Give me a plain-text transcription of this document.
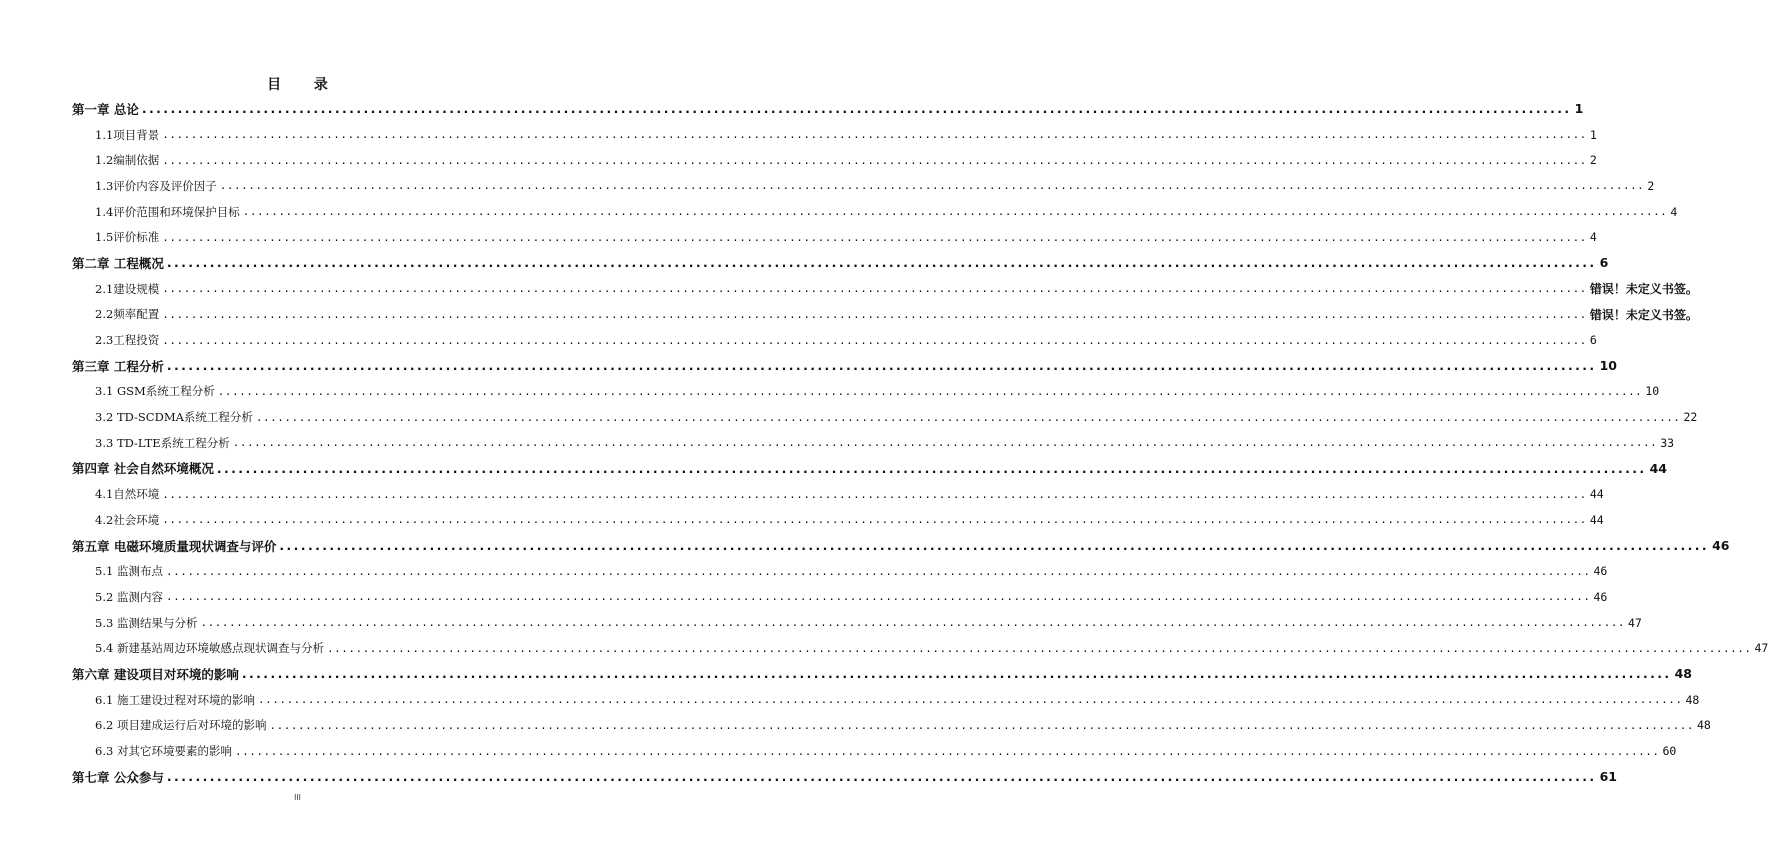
目 录
第一章 总论 ........................................................................................................................................................................................................ 1
1.1项目背景 ........................................................................................................................................................................................................ 1
1.2编制依据 ........................................................................................................................................................................................................ 2
1.3评价内容及评价因子 ........................................................................................................................................................................................................ 2
1.4评价范围和环境保护目标 ........................................................................................................................................................................................................ 4
1.5评价标准 ........................................................................................................................................................................................................ 4
第二章 工程概况 ........................................................................................................................................................................................................ 6
2.1建设规模 ........................................................................................................................................................................................................ 错误！未定义书签。
2.2频率配置 ........................................................................................................................................................................................................ 错误！未定义书签。
2.3工程投资 ........................................................................................................................................................................................................ 6
第三章 工程分析 ........................................................................................................................................................................................................ 10
3.1 GSM系统工程分析 ........................................................................................................................................................................................................ 10
3.2 TD-SCDMA系统工程分析 ........................................................................................................................................................................................................ 22
3.3 TD-LTE系统工程分析 ........................................................................................................................................................................................................ 33
第四章 社会自然环境概况 ........................................................................................................................................................................................................ 44
4.1自然环境 ........................................................................................................................................................................................................ 44
4.2社会环境 ........................................................................................................................................................................................................ 44
第五章 电磁环境质量现状调查与评价 ........................................................................................................................................................................................................ 46
5.1 监测布点 ........................................................................................................................................................................................................ 46
5.2 监测内容 ........................................................................................................................................................................................................ 46
5.3 监测结果与分析 ........................................................................................................................................................................................................ 47
5.4 新建基站周边环境敏感点现状调查与分析 ........................................................................................................................................................................................................ 47
第六章 建设项目对环境的影响 ........................................................................................................................................................................................................ 48
6.1 施工建设过程对环境的影响 ........................................................................................................................................................................................................ 48
6.2 项目建成运行后对环境的影响 ........................................................................................................................................................................................................ 48
6.3 对其它环境要素的影响 ........................................................................................................................................................................................................ 60
第七章 公众参与 ........................................................................................................................................................................................................ 61
III
